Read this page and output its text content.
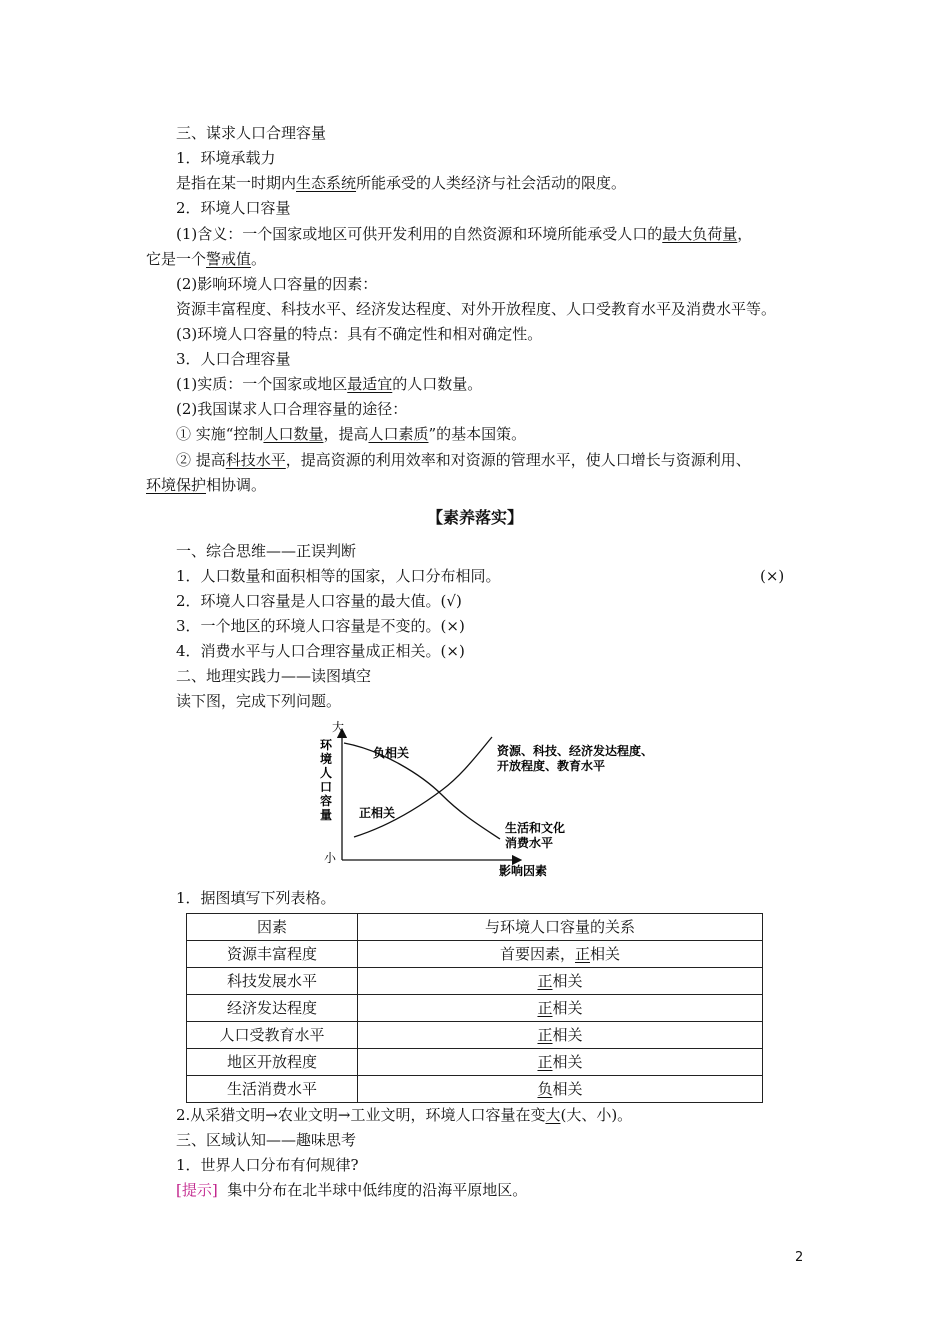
三、谋求人口合理容量
1．环境承载力
是指在某一时期内生态系统所能承受的人类经济与社会活动的限度。
2．环境人口容量
(1)含义：一个国家或地区可供开发利用的自然资源和环境所能承受人口的最大负荷量，
它是一个警戒值。
(2)影响环境人口容量的因素：
资源丰富程度、科技水平、经济发达程度、对外开放程度、人口受教育水平及消费水平等。
(3)环境人口容量的特点：具有不确定性和相对确定性。
3．人口合理容量
(1)实质：一个国家或地区最适宜的人口数量。
(2)我国谋求人口合理容量的途径：
① 实施“控制人口数量，提高人口素质”的基本国策。
② 提高科技水平，提高资源的利用效率和对资源的管理水平，使人口增长与资源利用、
环境保护相协调。
【素养落实】
一、综合思维——正误判断
1．人口数量和面积相等的国家，人口分布相同。	(×)
2．环境人口容量是人口容量的最大值。(√)
3．一个地区的环境人口容量是不变的。(×)
4．消费水平与人口合理容量成正相关。(×)
二、地理实践力——读图填空
读下图，完成下列问题。
大
小
环
境
人
口
容
量
影响因素
负相关
正相关
资源、科技、经济发达程度、
开放程度、教育水平
生活和文化
消费水平
1．据图填写下列表格。
因素	与环境人口容量的关系
资源丰富程度	首要因素，正相关
科技发展水平	正相关
经济发达程度	正相关
人口受教育水平	正相关
地区开放程度	正相关
生活消费水平	负相关
2.从采猎文明→农业文明→工业文明，环境人口容量在变大(大、小)。
三、区域认知——趣味思考
1．世界人口分布有何规律?
[提示] 集中分布在北半球中低纬度的沿海平原地区。
2
